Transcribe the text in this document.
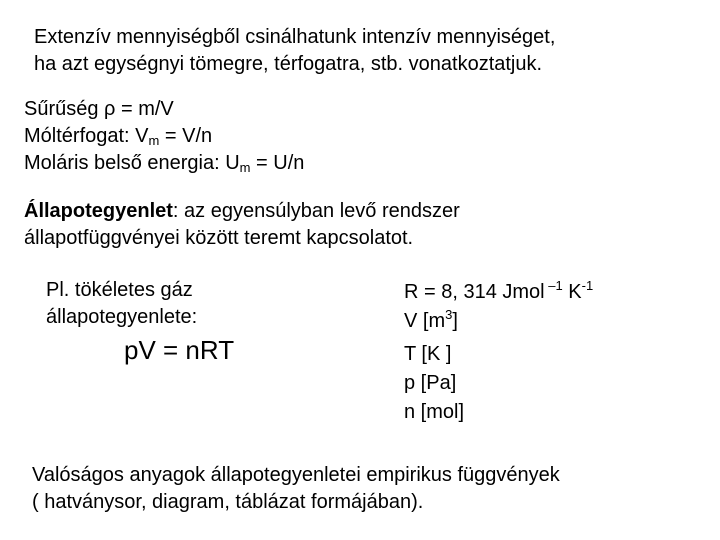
Extenzív mennyiségből csinálhatunk intenzív mennyiséget,
ha azt egységnyi tömegre, térfogatra, stb. vonatkoztatjuk.
Sűrűség ρ = m/V
Móltérfogat: $V_m = V/n$
Moláris belső energia: $U_m = U/n$
Állapotegyenlet: az egyensúlyban levő rendszer
állapotfüggvényei között teremt kapcsolatot.
Pl. tökéletes gáz
állapotegyenlete:
pV = nRT
R = 8, 314 Jmol $^{-1}$ $K^{-1}$
V $[m^3]$
T [K ]
p [Pa]
n [mol]
Valóságos anyagok állapotegyenletei empirikus függvények
( hatványsor, diagram, táblázat formájában).
